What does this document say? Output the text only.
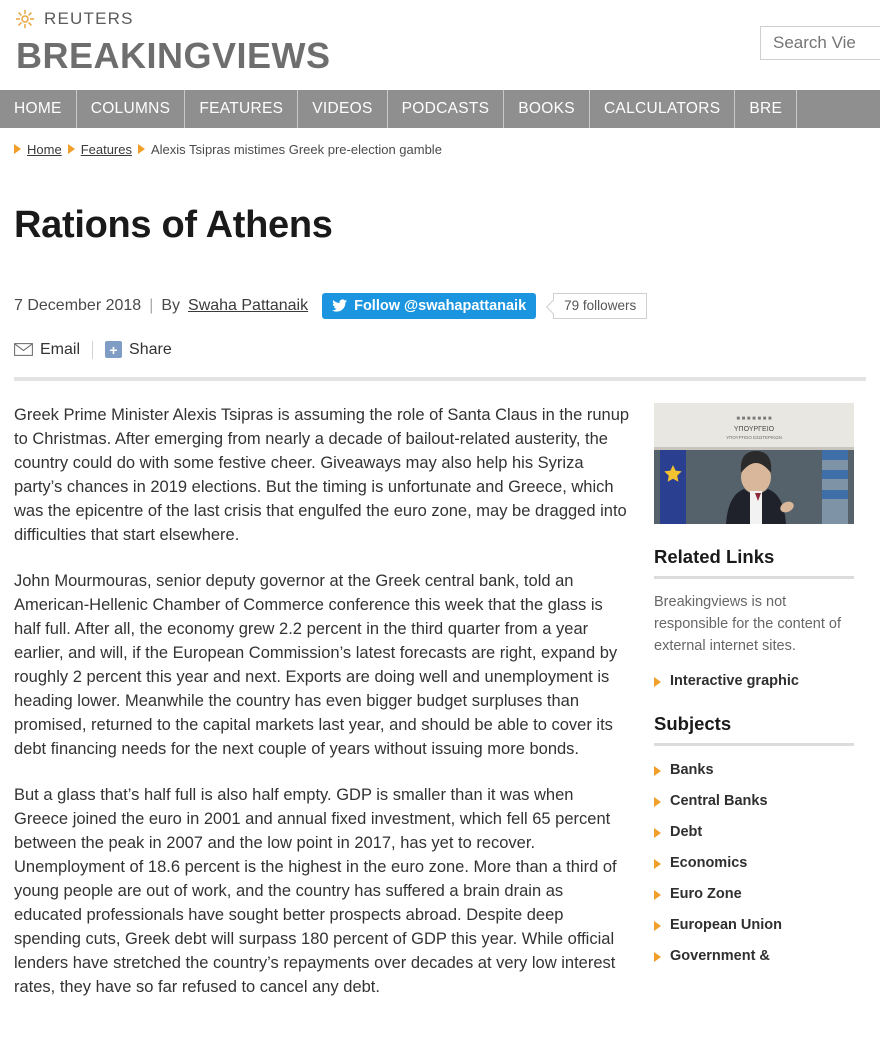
REUTERS
BREAKINGVIEWS
Search Vie
HOME	COLUMNS	FEATURES	VIDEOS	PODCASTS	BOOKS	CALCULATORS	BRE
Home Features Alexis Tsipras mistimes Greek pre-election gamble
Rations of Athens
7 December 2018 | By Swaha Pattanaik	Follow @swahapattanaik	79 followers
Email	+ Share

Greek Prime Minister Alexis Tsipras is assuming the role of Santa Claus in the runup to Christmas. After emerging from nearly a decade of bailout-related austerity, the country could do with some festive cheer. Giveaways may also help his Syriza party’s chances in 2019 elections. But the timing is unfortunate and Greece, which was the epicentre of the last crisis that engulfed the euro zone, may be dragged into difficulties that start elsewhere.

John Mourmouras, senior deputy governor at the Greek central bank, told an American-Hellenic Chamber of Commerce conference this week that the glass is half full. After all, the economy grew 2.2 percent in the third quarter from a year earlier, and will, if the European Commission’s latest forecasts are right, expand by roughly 2 percent this year and next. Exports are doing well and unemployment is heading lower. Meanwhile the country has even bigger budget surpluses than promised, returned to the capital markets last year, and should be able to cover its debt financing needs for the next couple of years without issuing more bonds.

But a glass that’s half full is also half empty. GDP is smaller than it was when Greece joined the euro in 2001 and annual fixed investment, which fell 65 percent between the peak in 2007 and the low point in 2017, has yet to recover. Unemployment of 18.6 percent is the highest in the euro zone. More than a third of young people are out of work, and the country has suffered a brain drain as educated professionals have sought better prospects abroad. Despite deep spending cuts, Greek debt will surpass 180 percent of GDP this year. While official lenders have stretched the country’s repayments over decades at very low interest rates, they have so far refused to cancel any debt.

■ ■ ■ ■ ■ ■ ■
ΥΠΟΥΡΓΕΙΟ
ΥΠΟΥΡΓΕΙΟ ΕΣΩΤΕΡΙΚΩΝ
Related Links
Breakingviews is not responsible for the content of external internet sites.
Interactive graphic
Subjects
Banks
Central Banks
Debt
Economics
Euro Zone
European Union
Government &
